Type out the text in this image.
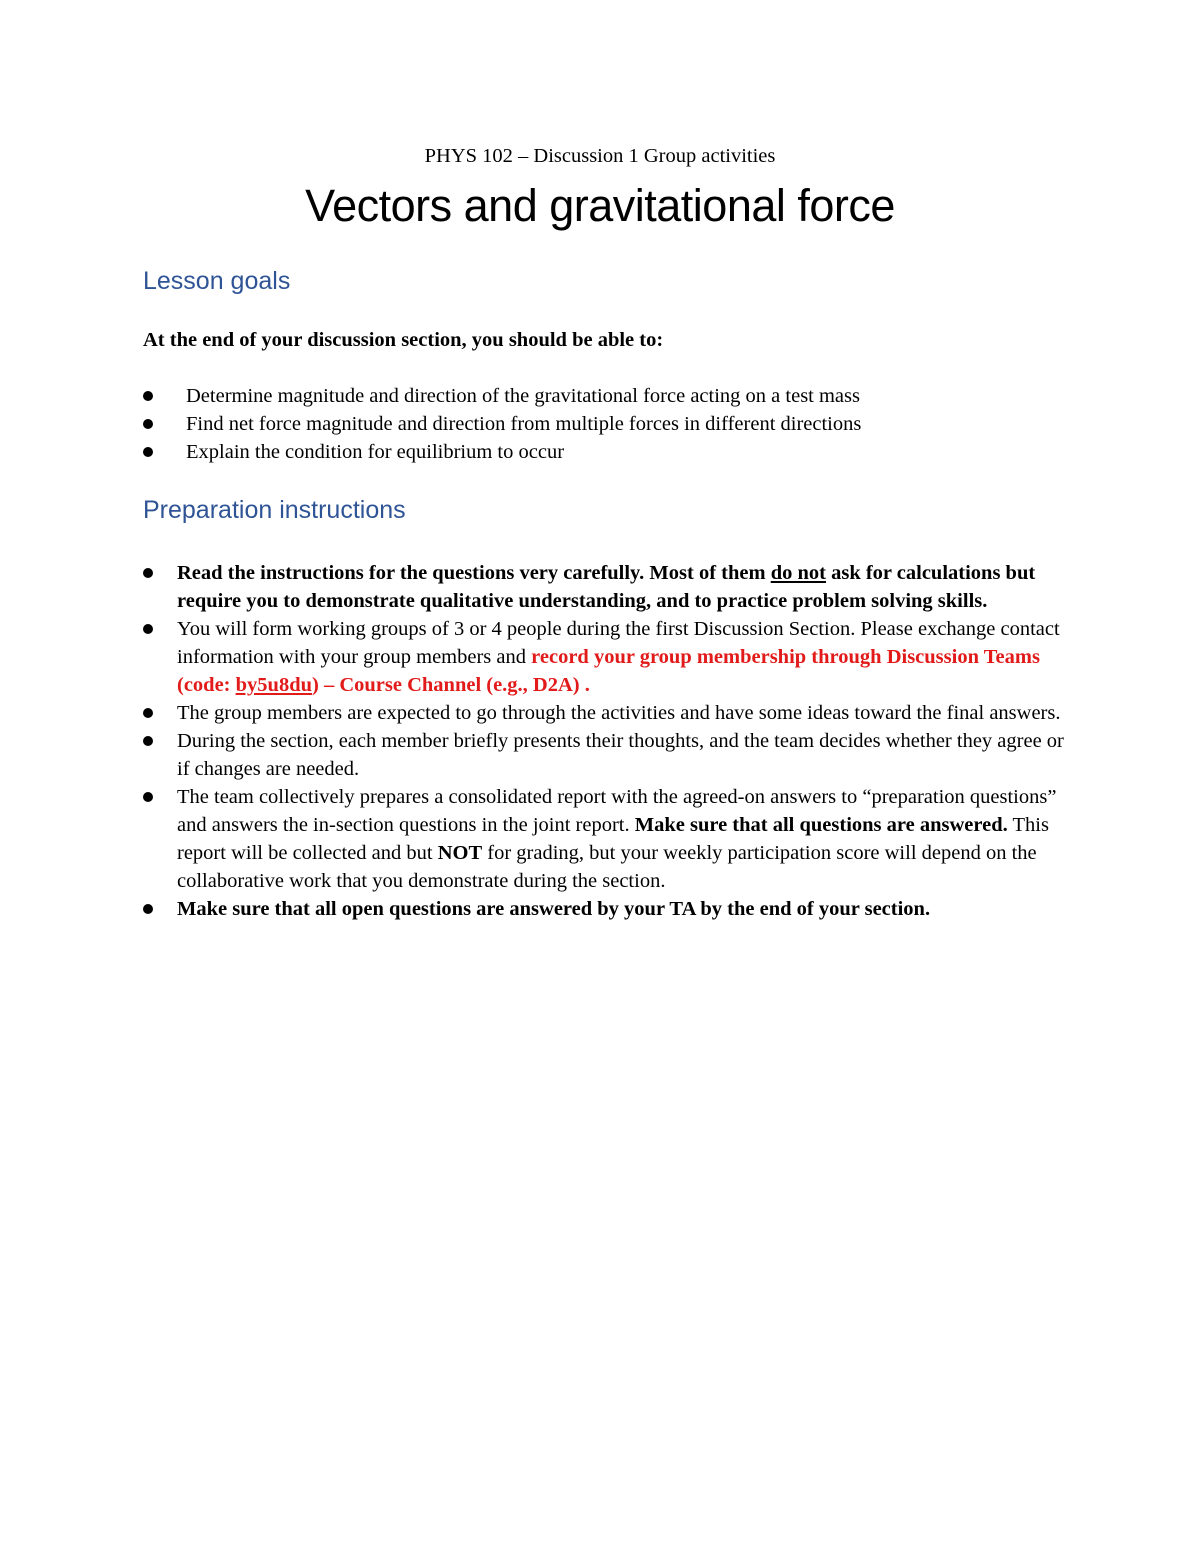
PHYS 102 – Discussion 1 Group activities
Vectors and gravitational force
Lesson goals
At the end of your discussion section, you should be able to:
Determine magnitude and direction of the gravitational force acting on a test mass
Find net force magnitude and direction from multiple forces in different directions
Explain the condition for equilibrium to occur
Preparation instructions
Read the instructions for the questions very carefully. Most of them do not ask for calculations but require you to demonstrate qualitative understanding, and to practice problem solving skills.
You will form working groups of 3 or 4 people during the first Discussion Section. Please exchange contact information with your group members and record your group membership through Discussion Teams (code: by5u8du) – Course Channel (e.g., D2A) .
The group members are expected to go through the activities and have some ideas toward the final answers.
During the section, each member briefly presents their thoughts, and the team decides whether they agree or if changes are needed.
The team collectively prepares a consolidated report with the agreed-on answers to “preparation questions” and answers the in-section questions in the joint report. Make sure that all questions are answered. This report will be collected and but NOT for grading, but your weekly participation score will depend on the collaborative work that you demonstrate during the section.
Make sure that all open questions are answered by your TA by the end of your section.
